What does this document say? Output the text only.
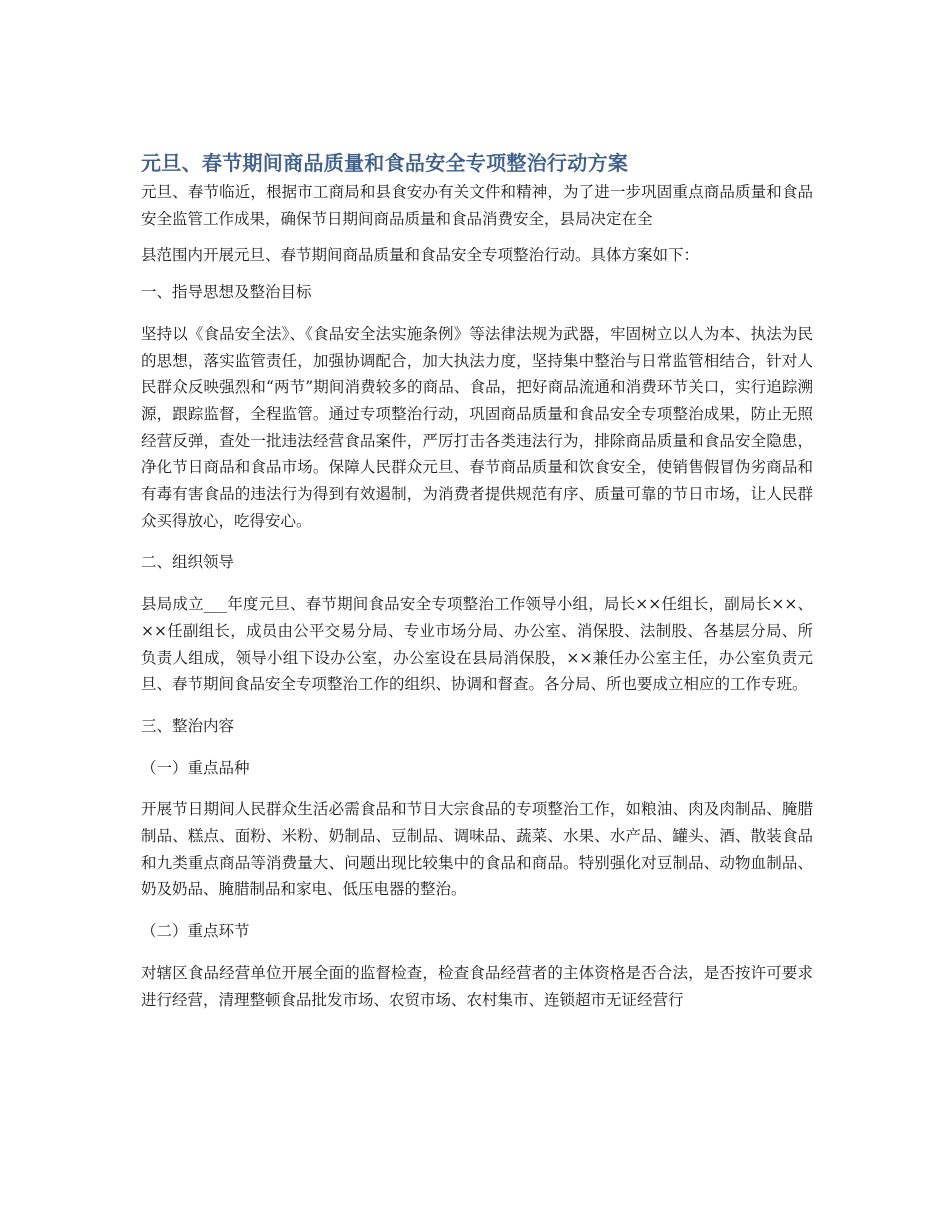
元旦、春节期间商品质量和食品安全专项整治行动方案

元旦、春节临近，根据市工商局和县食安办有关文件和精神，为了进一步巩固重点商品质量和食品安全监管工作成果，确保节日期间商品质量和食品消费安全，县局决定在全

县范围内开展元旦、春节期间商品质量和食品安全专项整治行动。具体方案如下：

一、指导思想及整治目标

坚持以《食品安全法》、《食品安全法实施条例》等法律法规为武器，牢固树立以人为本、执法为民的思想，落实监管责任，加强协调配合，加大执法力度，坚持集中整治与日常监管相结合，针对人民群众反映强烈和“两节”期间消费较多的商品、食品，把好商品流通和消费环节关口，实行追踪溯源，跟踪监督，全程监管。通过专项整治行动，巩固商品质量和食品安全专项整治成果，防止无照经营反弹，查处一批违法经营食品案件，严厉打击各类违法行为，排除商品质量和食品安全隐患，净化节日商品和食品市场。保障人民群众元旦、春节商品质量和饮食安全，使销售假冒伪劣商品和有毒有害食品的违法行为得到有效遏制，为消费者提供规范有序、质量可靠的节日市场，让人民群众买得放心，吃得安心。

二、组织领导

县局成立___年度元旦、春节期间食品安全专项整治工作领导小组，局长××任组长，副局长××、××任副组长，成员由公平交易分局、专业市场分局、办公室、消保股、法制股、各基层分局、所负责人组成，领导小组下设办公室，办公室设在县局消保股，××兼任办公室主任，办公室负责元旦、春节期间食品安全专项整治工作的组织、协调和督查。各分局、所也要成立相应的工作专班。

三、整治内容

（一）重点品种

开展节日期间人民群众生活必需食品和节日大宗食品的专项整治工作，如粮油、肉及肉制品、腌腊制品、糕点、面粉、米粉、奶制品、豆制品、调味品、蔬菜、水果、水产品、罐头、酒、散装食品和九类重点商品等消费量大、问题出现比较集中的食品和商品。特别强化对豆制品、动物血制品、奶及奶品、腌腊制品和家电、低压电器的整治。

（二）重点环节

对辖区食品经营单位开展全面的监督检查，检查食品经营者的主体资格是否合法，是否按许可要求进行经营，清理整顿食品批发市场、农贸市场、农村集市、连锁超市无证经营行
